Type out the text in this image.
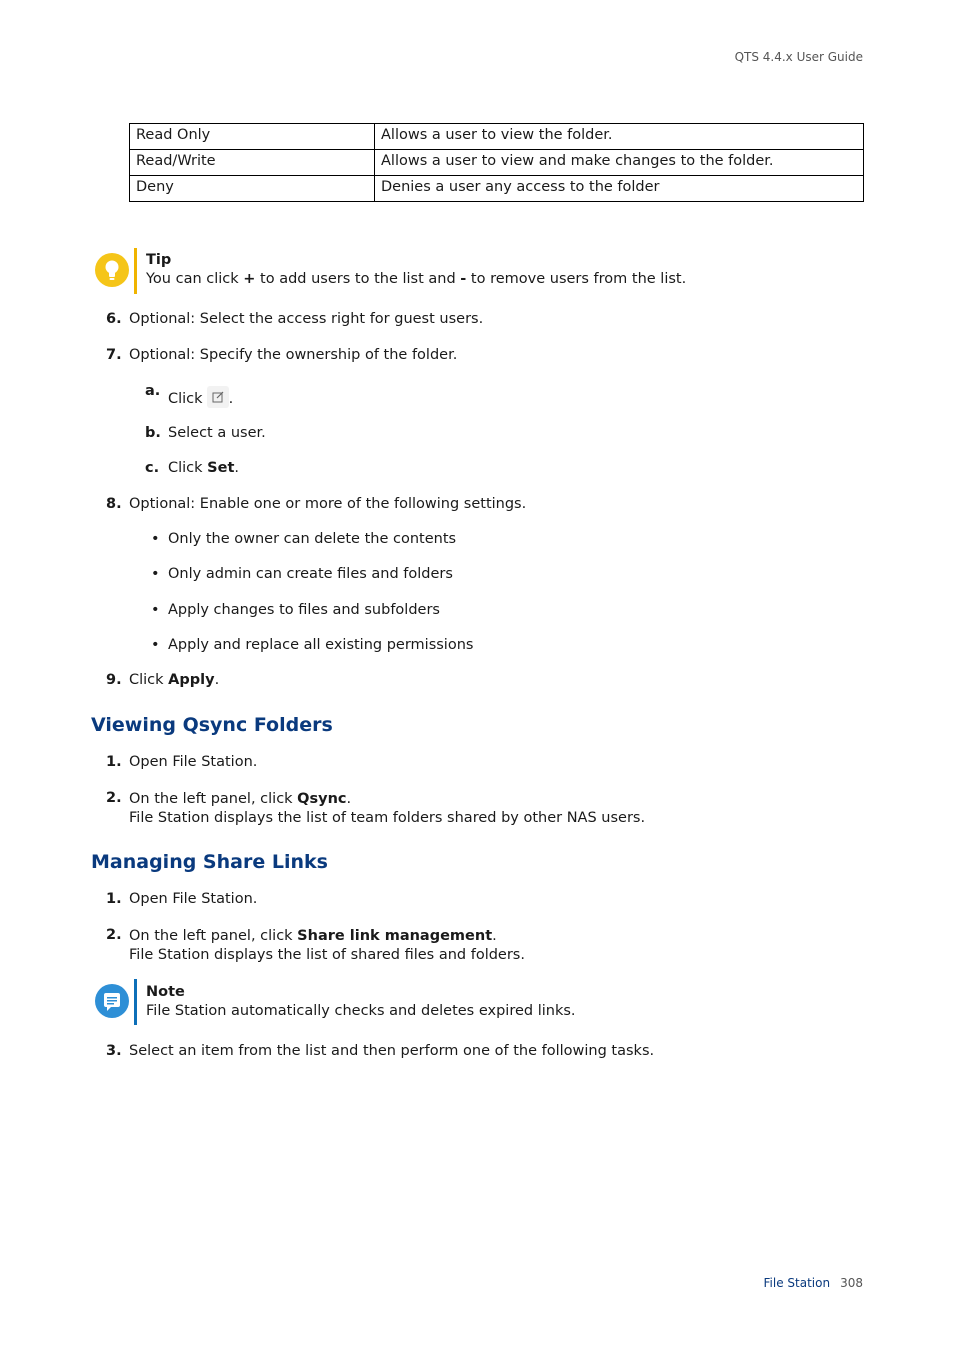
QTS 4.4.x User Guide
Read Only	Allows a user to view the folder.
Read/Write	Allows a user to view and make changes to the folder.
Deny	Denies a user any access to the folder
Tip
You can click + to add users to the list and - to remove users from the list.
6. Optional: Select the access right for guest users.
7. Optional: Specify the ownership of the folder.
a. Click .
b. Select a user.
c. Click Set.
8. Optional: Enable one or more of the following settings.
• Only the owner can delete the contents
• Only admin can create files and folders
• Apply changes to files and subfolders
• Apply and replace all existing permissions
9. Click Apply.
Viewing Qsync Folders
1. Open File Station.
2. On the left panel, click Qsync.
File Station displays the list of team folders shared by other NAS users.
Managing Share Links
1. Open File Station.
2. On the left panel, click Share link management.
File Station displays the list of shared files and folders.
Note
File Station automatically checks and deletes expired links.
3. Select an item from the list and then perform one of the following tasks.
File Station 308
